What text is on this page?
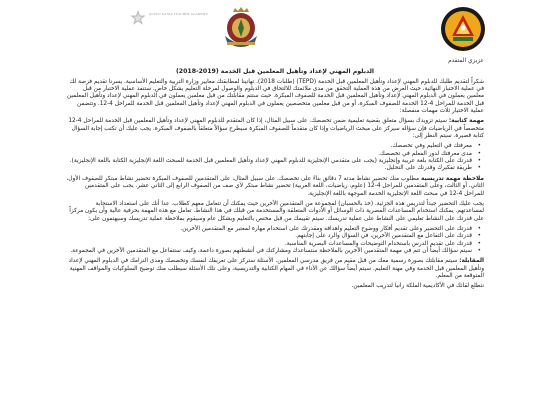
QUEEN RANIA TEACHER ACADEMY
عزيزي المتقدم
الدبلوم المهني لإعداد وتأهيل المعلمين قبل الخدمة (2019-2018)

شكراً لتقديم طلبك للدبلوم المهني لإعداد وتأهيل المعلمين قبل الخدمة (TEPD) (طلبات 2018). تهانينا لمطابقتك معايير وزارة التربية والتعليم الأساسية. يسرنا تقديم فرصة لك في عملية الاختبار النهائية، حيث العرض من هذه العملية التحقق من مدى ملائمتك للالتحاق في الدبلوم والوصول لمرحلة التعليم بشكل خاص. ستنفذ عملية الاختبار من قبل معلمين يعملون في الدبلوم المهني لإعداد وتأهيل المعلمين قبل الخدمة للصفوف المبكرة. حيث ستتم مقابلتك من قبل معلمين يعملون في الدبلوم المهني لإعداد وتأهيل المعلمين قبل الخدمة للمراحل 4-12 الخدمة للصفوف المبكرة، أو من قبل معلمين متخصصين يعملون في الدبلوم المهني لإعداد وتأهيل المعلمين قبل الخدمة للمراحل 4-12. وتتضمن عملية الاختيار ثلاث مهمات منفصلة:

مهمة كتابية: سيتم تزويدك بسؤال متعلق بقضية تعليمية ضمن تخصصك. على سبيل المثال، إذا كان المتقدم للدبلوم المهني لإعداد وتأهيل المعلمين قبل الخدمة للمراحل 4-12 متخصصاً في الرياضيات فإن سؤاله سيركز على مبحث الرياضيات وإذا كان متقدماً للصفوف المبكرة سيطرح سؤالاً متعلقاً بالصفوف المبكرة. يجب عليك أن تكتب إجابة السؤال كتابة قصيرة. سيتم النظر إلى:

• معرفتك في التعليم وفي تخصصك.
• مدى معرفتك لدور المعلم في تخصصك.
• قدرتك على الكتابة بلغة عربية وإنجليزية (يجب على متقدمي الإنجليزية للدبلوم المهني لإعداد وتأهيل المعلمين قبل الخدمة للمبحث اللغة الإنجليزية الكتابة باللغة الإنجليزية).
• طريقة تفكيرك وقدرتك على التحليل.

ملاحظة مهمة تدريسية مطلوب منك تحضير نشاط مدته 7 دقائق بناءً على تخصصك. على سبيل المثال، على المتقدمين للصفوف المبكرة تحضير نشاط مبتكر للصفوف الأول، الثاني، أو الثالث، وعلى المتقدمين للمراحل 4-12 (علوم، رياضيات، اللغة العربية) تحضير نشاط مبتكر لأي صف من الصفوف الرابع إلى الثاني عشر. يجب على المتقدمين للمراحل 4-12 في مبحث اللغة الإنجليزية الخدمة الموجهة باللغة الإنجليزية.

يجب عليك التحضير جيداً لتدريس هذه الجزئية. (خذ بالحسبان) لمجموعة من المتقدمين الآخرين حيث يمكنك أن تتعامل معهم كطلاب. عدا أنك على استعداد الاستجابة لمساعدتهم. يمكنك استخدام المساعدات المصرية ذات الوسائل أو الأدوات المتعلقة والمستخدمة من قبلك في هذا النشاط. تعامل مع هذه المهمة بحرفية عالية وأن يكون مركزاً على قدرتك على النشاط تعليمي على النشاط على عملية تدريسك. سيتم تقييمك من قبل مختص بالتعليم وبشكل عام وسيقوم بملاحظة عملية تدريسك وسيهتمون على:

• قدرتك على التحضير وعلى تقديم أفكار ووضوح التعليم واهدافه ومقدرتك على استخدام مهارة لمعتبر مع المتقدمين الآخرين.
• قدرتك على التفاعل مع المتقدمين الآخرين، في السؤال والرد على إجابتهم.
• قدرتك على تقديم الدرس باستخدام التوضيحات والمساعدات البصرية المناسبة.
• سيتم سؤالك أيضاً أن تتم في مهمة المتقدمين الآخرين بالملاحظة ستساعدك ومشاركتك في أنشطتهم بصورة داعمة، وكيف ستتفاعل مع المتقدمين الآخرين في المجموعة.

المقابلة: سيتم مقابلتك بصورة رسمية معك من قبل مقيم من فريق مدرسي المعلمين. الأسئلة ستركز على تعريفك لنفسك وتخصصك ومدى التزامك في الدبلوم المهني لإعداد وتأهيل المعلمين قبل الخدمة وفي مهنة التعليم. سيتم أيضاً سؤالك عن الأداء في المهام الكتابية والتدريسية، وعلى تلك الأسئلة سيطلب منك توضيح السلوكيات والمواقف المهنية المتوقعة من المعلم.

نتطلع لقائك في الأكاديمية الملكة رانيا لتدريب المعلمين.
